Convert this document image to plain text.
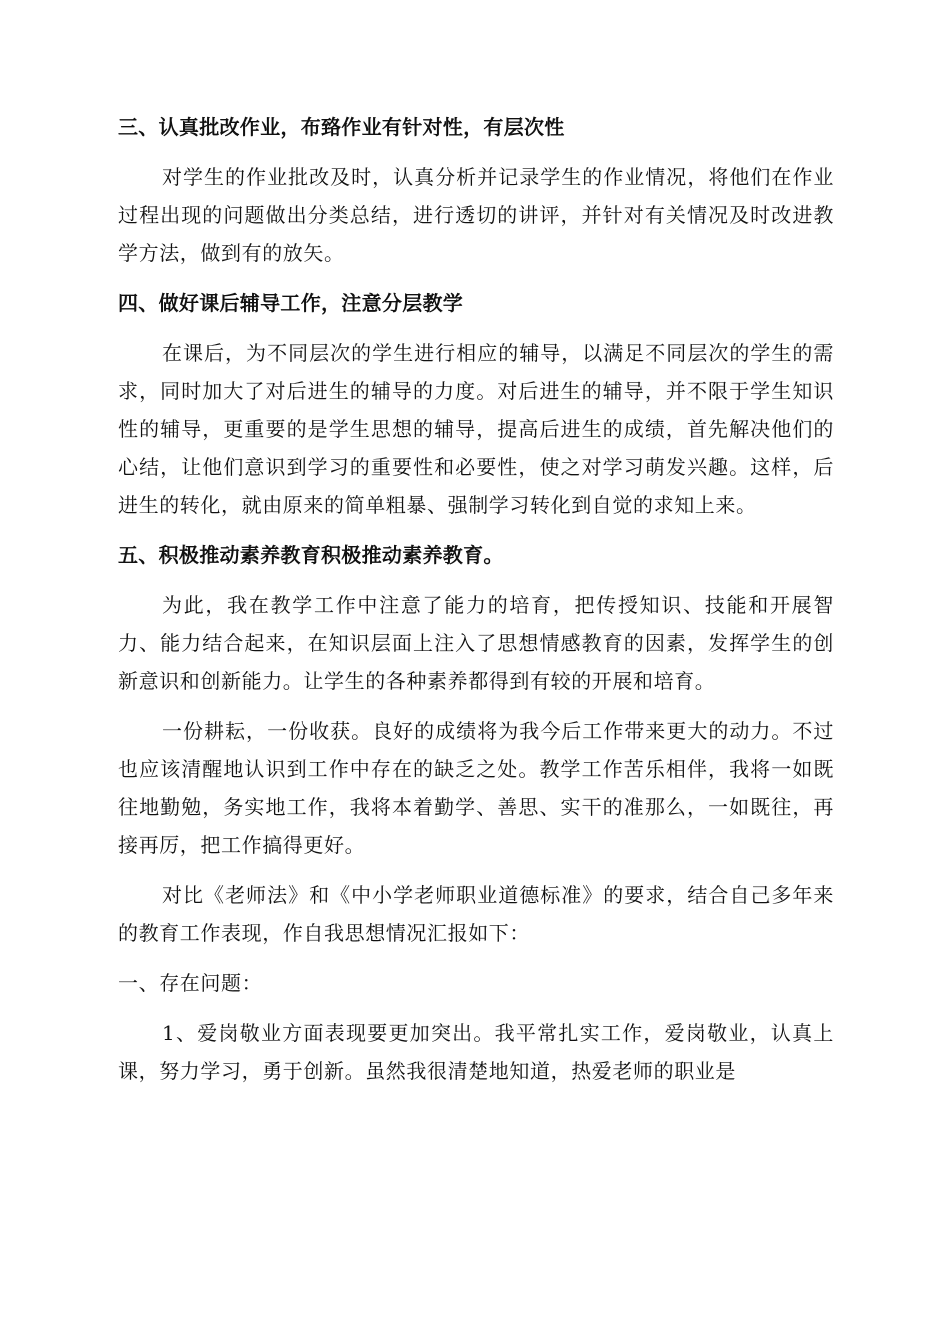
三、认真批改作业，布臵作业有针对性，有层次性

对学生的作业批改及时，认真分析并记录学生的作业情况，将他们在作业过程出现的问题做出分类总结，进行透切的讲评，并针对有关情况及时改进教学方法，做到有的放矢。

四、做好课后辅导工作，注意分层教学

在课后，为不同层次的学生进行相应的辅导，以满足不同层次的学生的需求，同时加大了对后进生的辅导的力度。对后进生的辅导，并不限于学生知识性的辅导，更重要的是学生思想的辅导，提高后进生的成绩，首先解决他们的心结，让他们意识到学习的重要性和必要性，使之对学习萌发兴趣。这样，后进生的转化，就由原来的简单粗暴、强制学习转化到自觉的求知上来。

五、积极推动素养教育积极推动素养教育。

为此，我在教学工作中注意了能力的培育，把传授知识、技能和开展智力、能力结合起来，在知识层面上注入了思想情感教育的因素，发挥学生的创新意识和创新能力。让学生的各种素养都得到有较的开展和培育。

一份耕耘，一份收获。良好的成绩将为我今后工作带来更大的动力。不过也应该清醒地认识到工作中存在的缺乏之处。教学工作苦乐相伴，我将一如既往地勤勉，务实地工作，我将本着勤学、善思、实干的准那么，一如既往，再接再厉，把工作搞得更好。

对比《老师法》和《中小学老师职业道德标准》的要求，结合自己多年来的教育工作表现，作自我思想情况汇报如下：

一、存在问题：

1、爱岗敬业方面表现要更加突出。我平常扎实工作，爱岗敬业，认真上课，努力学习，勇于创新。虽然我很清楚地知道，热爱老师的职业是
